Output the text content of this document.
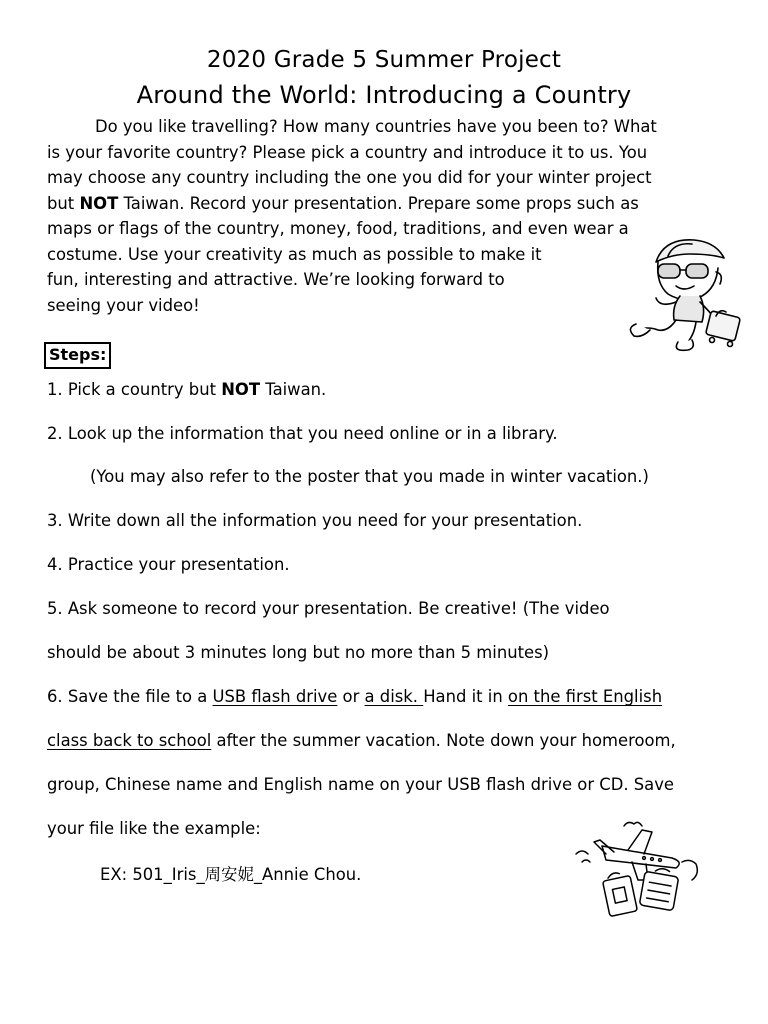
2020 Grade 5 Summer Project
Around the World: Introducing a Country
Do you like travelling? How many countries have you been to? What
is your favorite country? Please pick a country and introduce it to us. You
may choose any country including the one you did for your winter project
but NOT Taiwan. Record your presentation. Prepare some props such as
maps or flags of the country, money, food, traditions, and even wear a
costume. Use your creativity as much as possible to make it
fun, interesting and attractive. We’re looking forward to
seeing your video!
Steps:
1. Pick a country but NOT Taiwan.
2. Look up the information that you need online or in a library.
(You may also refer to the poster that you made in winter vacation.)
3. Write down all the information you need for your presentation.
4. Practice your presentation.
5. Ask someone to record your presentation. Be creative! (The video
should be about 3 minutes long but no more than 5 minutes)
6. Save the file to a USB flash drive or a disk. Hand it in on the first English
class back to school after the summer vacation. Note down your homeroom,
group, Chinese name and English name on your USB flash drive or CD. Save
your file like the example:
EX: 501_Iris_周安妮_Annie Chou.
